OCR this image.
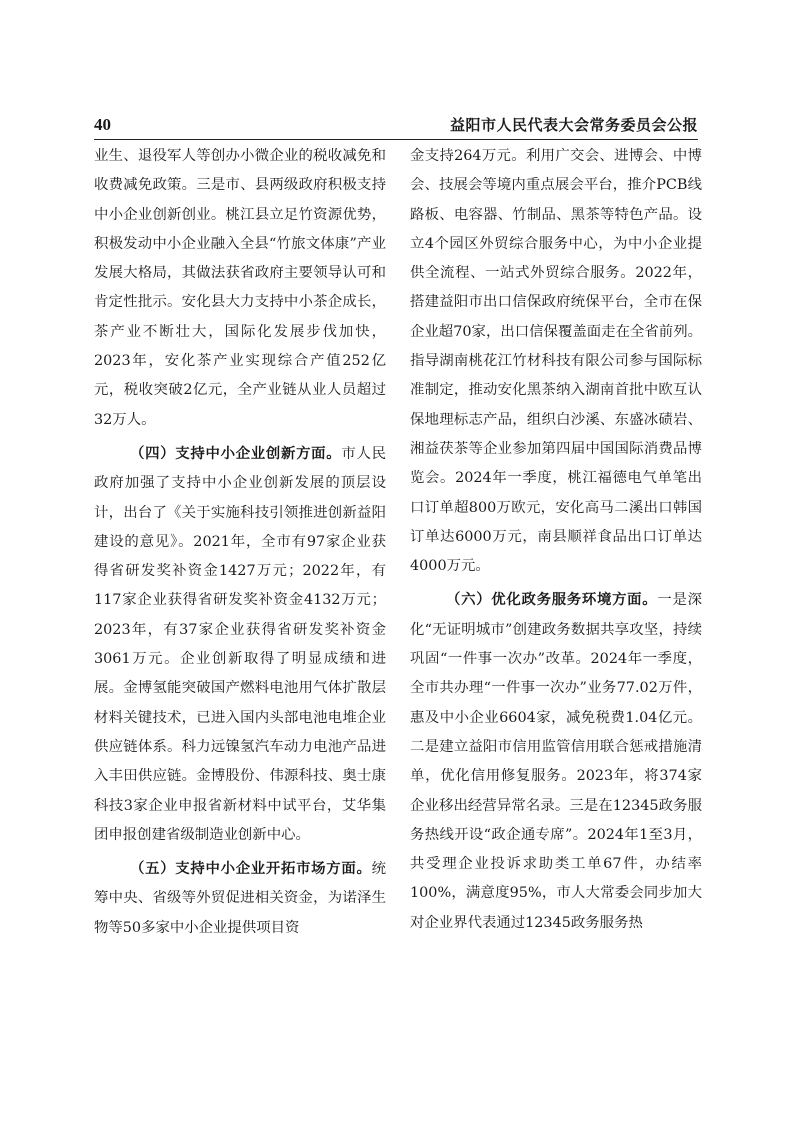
40	益阳市人民代表大会常务委员会公报

业生、退役军人等创办小微企业的税收减免和收费减免政策。三是市、县两级政府积极支持中小企业创新创业。桃江县立足竹资源优势，积极发动中小企业融入全县“竹旅文体康”产业发展大格局，其做法获省政府主要领导认可和肯定性批示。安化县大力支持中小茶企成长，茶产业不断壮大，国际化发展步伐加快，2023年，安化茶产业实现综合产值252亿元，税收突破2亿元，全产业链从业人员超过32万人。

（四）支持中小企业创新方面。市人民政府加强了支持中小企业创新发展的顶层设计，出台了《关于实施科技引领推进创新益阳建设的意见》。2021年，全市有97家企业获得省研发奖补资金1427万元；2022年，有117家企业获得省研发奖补资金4132万元；2023年，有37家企业获得省研发奖补资金3061万元。企业创新取得了明显成绩和进展。金博氢能突破国产燃料电池用气体扩散层材料关键技术，已进入国内头部电池电堆企业供应链体系。科力远镍氢汽车动力电池产品进入丰田供应链。金博股份、伟源科技、奥士康科技3家企业申报省新材料中试平台，艾华集团申报创建省级制造业创新中心。

（五）支持中小企业开拓市场方面。统筹中央、省级等外贸促进相关资金，为诺泽生物等50多家中小企业提供项目资

金支持264万元。利用广交会、进博会、中博会、技展会等境内重点展会平台，推介PCB线路板、电容器、竹制品、黑茶等特色产品。设立4个园区外贸综合服务中心，为中小企业提供全流程、一站式外贸综合服务。2022年，搭建益阳市出口信保政府统保平台，全市在保企业超70家，出口信保覆盖面走在全省前列。指导湖南桃花江竹材科技有限公司参与国际标准制定，推动安化黑茶纳入湖南首批中欧互认保地理标志产品，组织白沙溪、东盛冰碛岩、湘益茯茶等企业参加第四届中国国际消费品博览会。2024年一季度，桃江福德电气单笔出口订单超800万欧元，安化高马二溪出口韩国订单达6000万元，南县顺祥食品出口订单达4000万元。

（六）优化政务服务环境方面。一是深化“无证明城市”创建政务数据共享攻坚，持续巩固“一件事一次办”改革。2024年一季度，全市共办理“一件事一次办”业务77.02万件，惠及中小企业6604家，减免税费1.04亿元。二是建立益阳市信用监管信用联合惩戒措施清单，优化信用修复服务。2023年，将374家企业移出经营异常名录。三是在12345政务服务热线开设“政企通专席”。2024年1至3月，共受理企业投诉求助类工单67件，办结率100%，满意度95%，市人大常委会同步加大对企业界代表通过12345政务服务热
